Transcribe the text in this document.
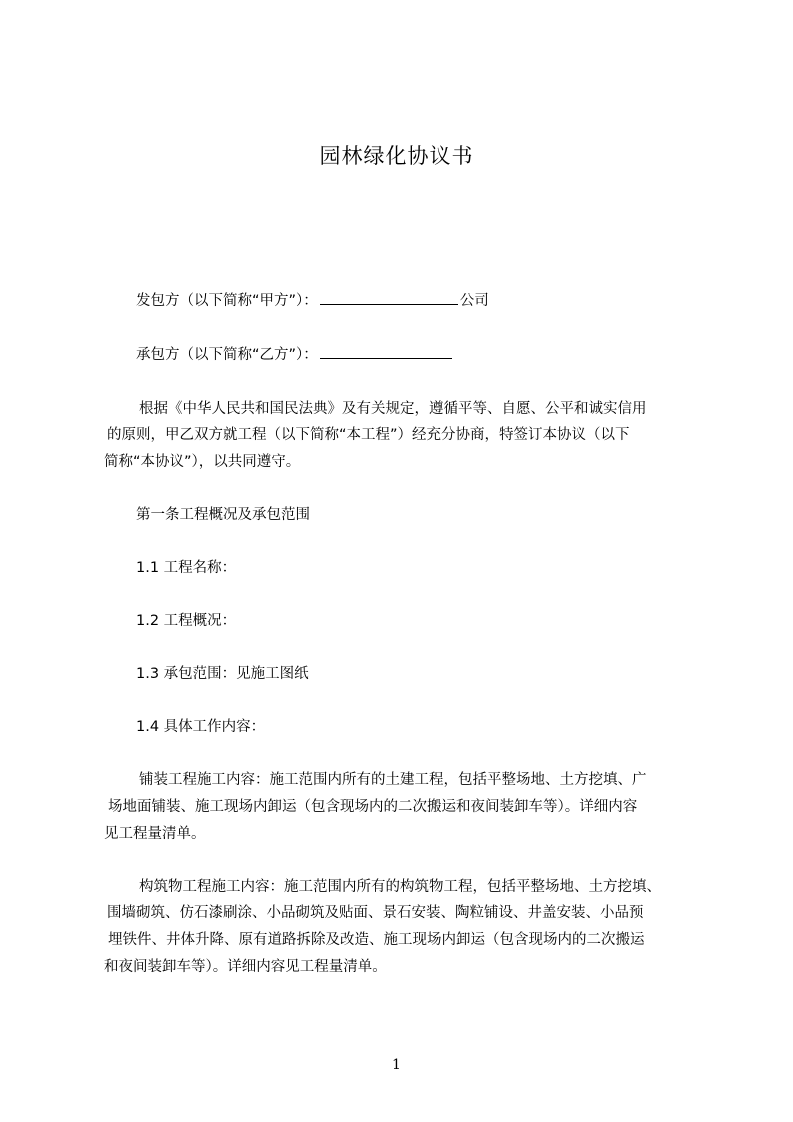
园林绿化协议书
发包方（以下简称“甲方”）：	公司
承包方（以下简称“乙方”）：
根据《中华人民共和国民法典》及有关规定，遵循平等、自愿、公平和诚实信用
的原则，甲乙双方就工程（以下简称“本工程”）经充分协商，特签订本协议（以下
简称“本协议”），以共同遵守。
第一条工程概况及承包范围
1.1 工程名称：
1.2 工程概况：
1.3 承包范围：见施工图纸
1.4 具体工作内容：
铺装工程施工内容：施工范围内所有的土建工程，包括平整场地、土方挖填、广
场地面铺装、施工现场内卸运（包含现场内的二次搬运和夜间装卸车等）。详细内容
见工程量清单。
构筑物工程施工内容：施工范围内所有的构筑物工程，包括平整场地、土方挖填、
围墙砌筑、仿石漆刷涂、小品砌筑及贴面、景石安装、陶粒铺设、井盖安装、小品预
埋铁件、井体升降、原有道路拆除及改造、施工现场内卸运（包含现场内的二次搬运
和夜间装卸车等）。详细内容见工程量清单。
1
